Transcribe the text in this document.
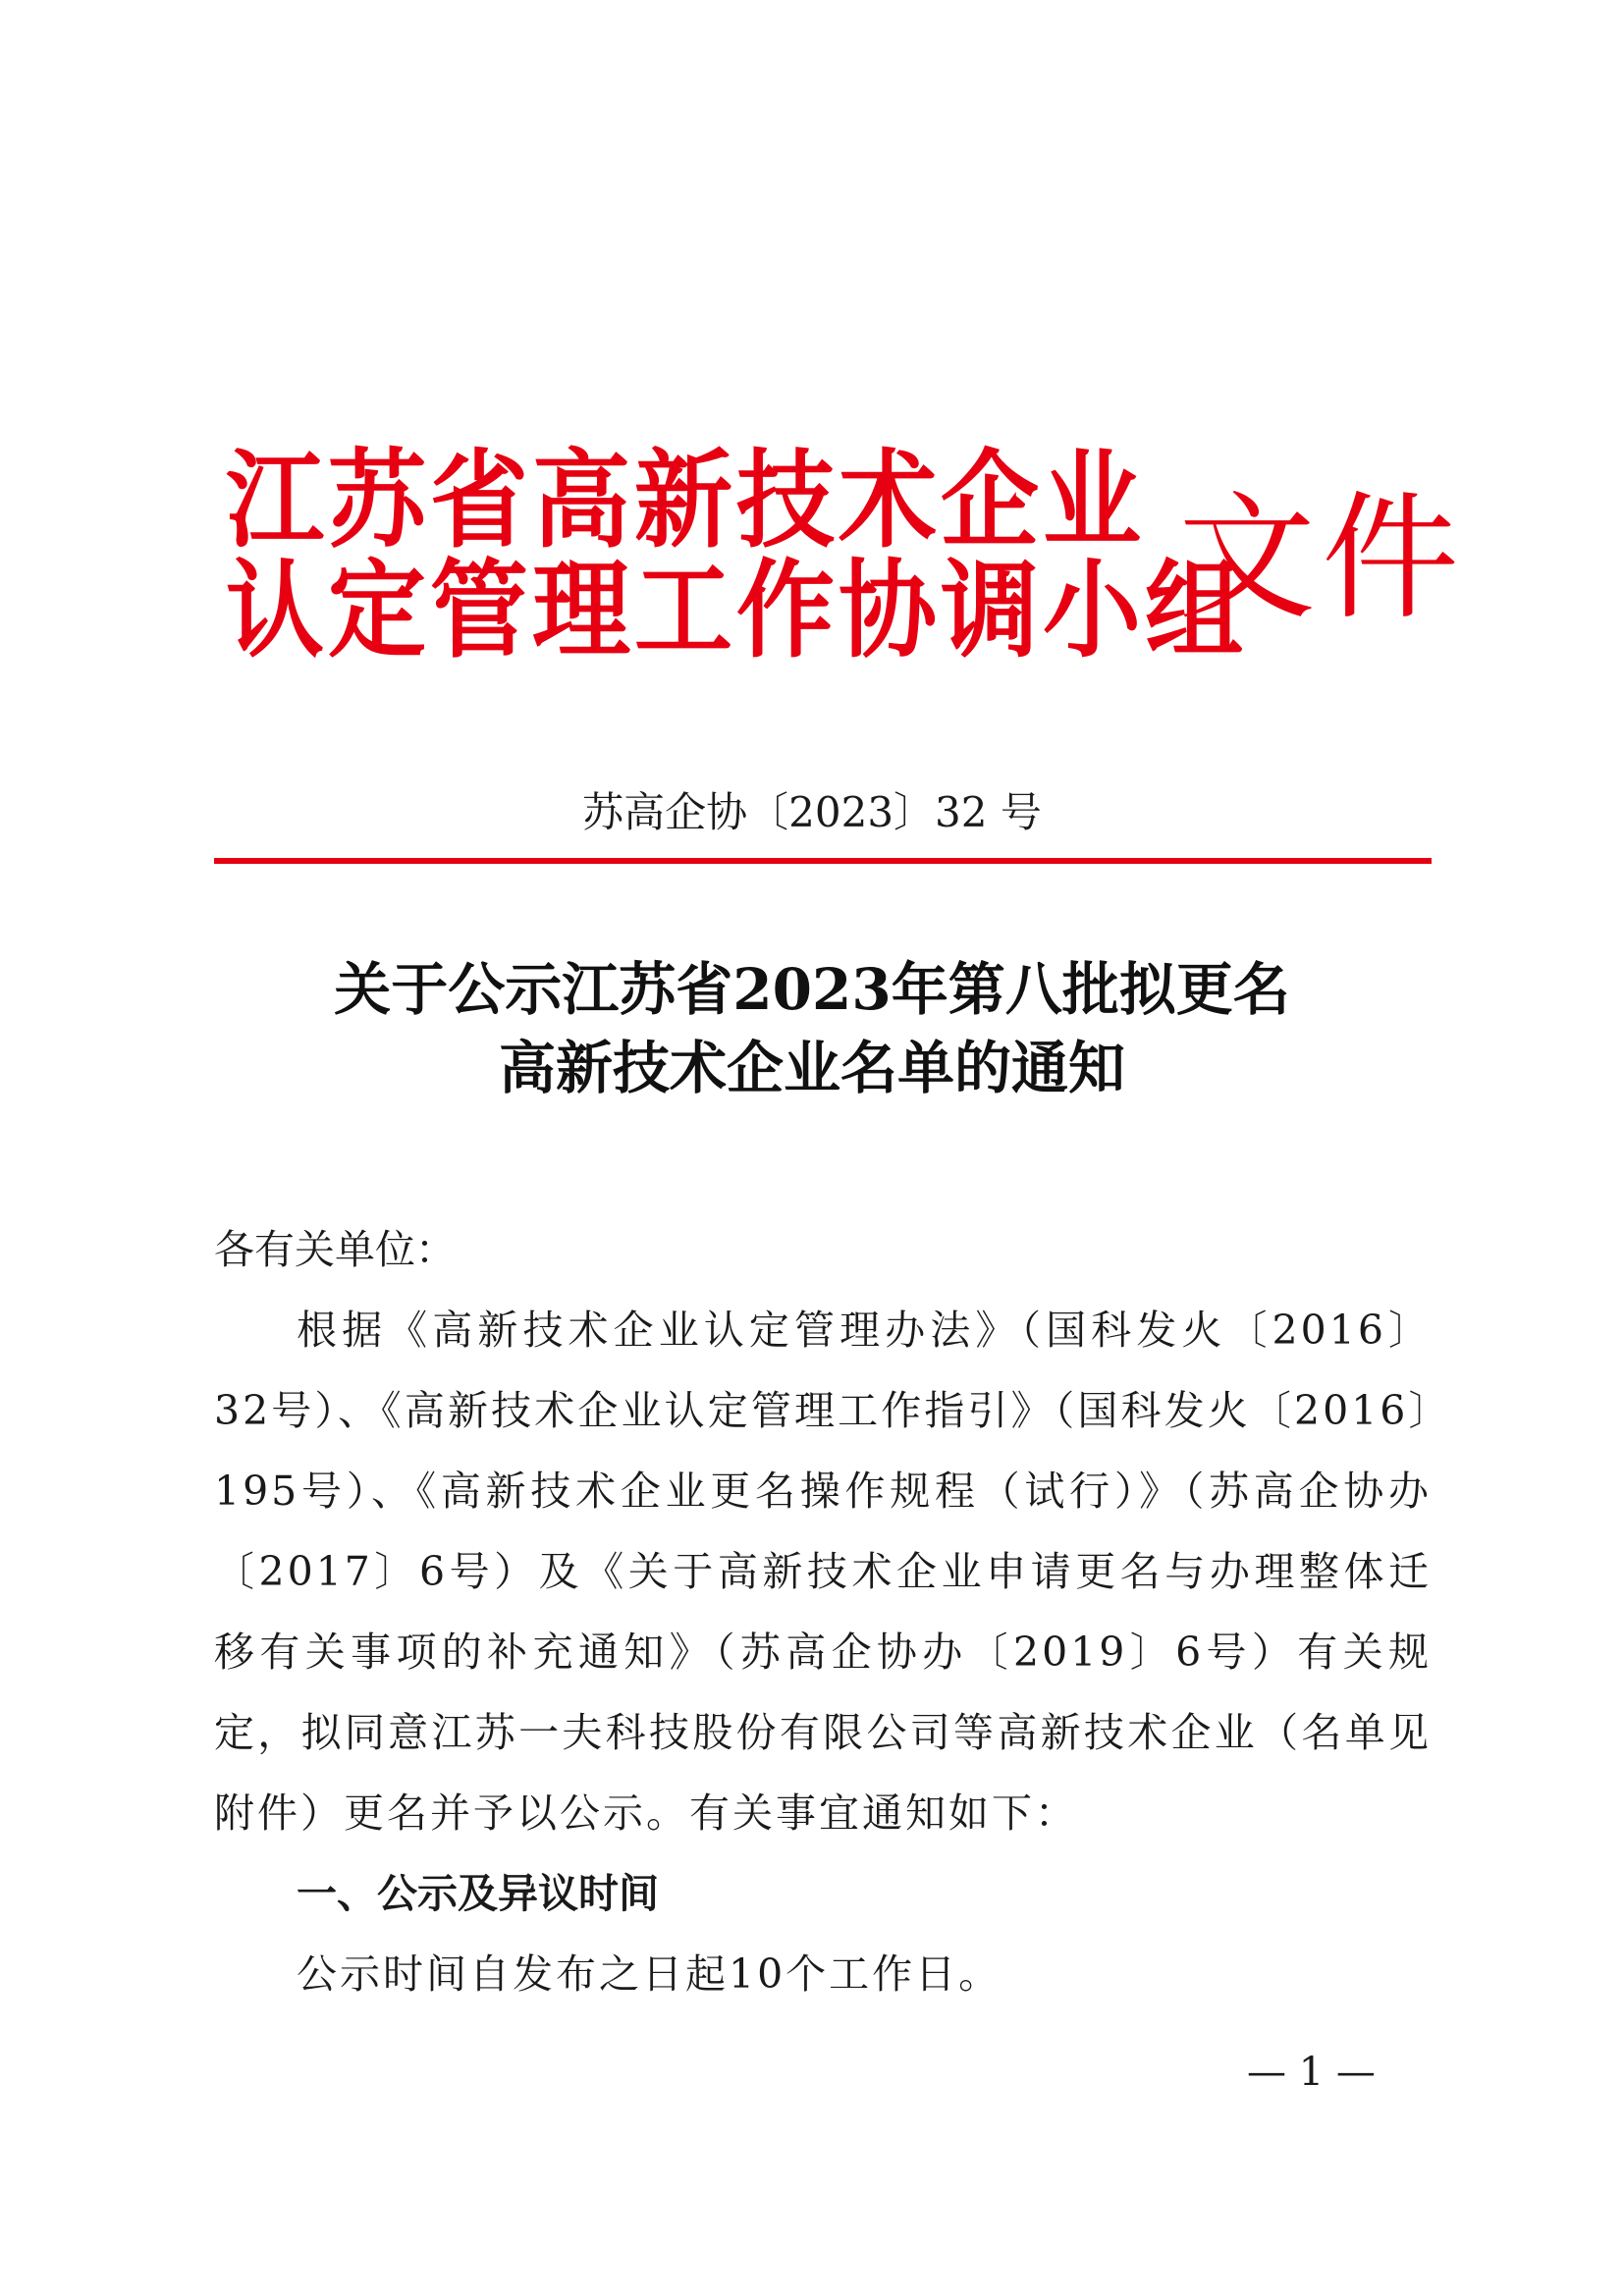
江苏省高新技术企业
认定管理工作协调小组
文件
苏高企协〔2023〕32 号
关于公示江苏省2023年第八批拟更名
高新技术企业名单的通知

各有关单位：

根据《高新技术企业认定管理办法》（国科发火〔2016〕32号）、《高新技术企业认定管理工作指引》（国科发火〔2016〕195号）、《高新技术企业更名操作规程（试行）》（苏高企协办〔2017〕6号）及《关于高新技术企业申请更名与办理整体迁移有关事项的补充通知》（苏高企协办〔2019〕6号）有关规定，拟同意江苏一夫科技股份有限公司等高新技术企业（名单见附件）更名并予以公示。有关事宜通知如下：

一、公示及异议时间

公示时间自发布之日起10个工作日。

— 1 —
